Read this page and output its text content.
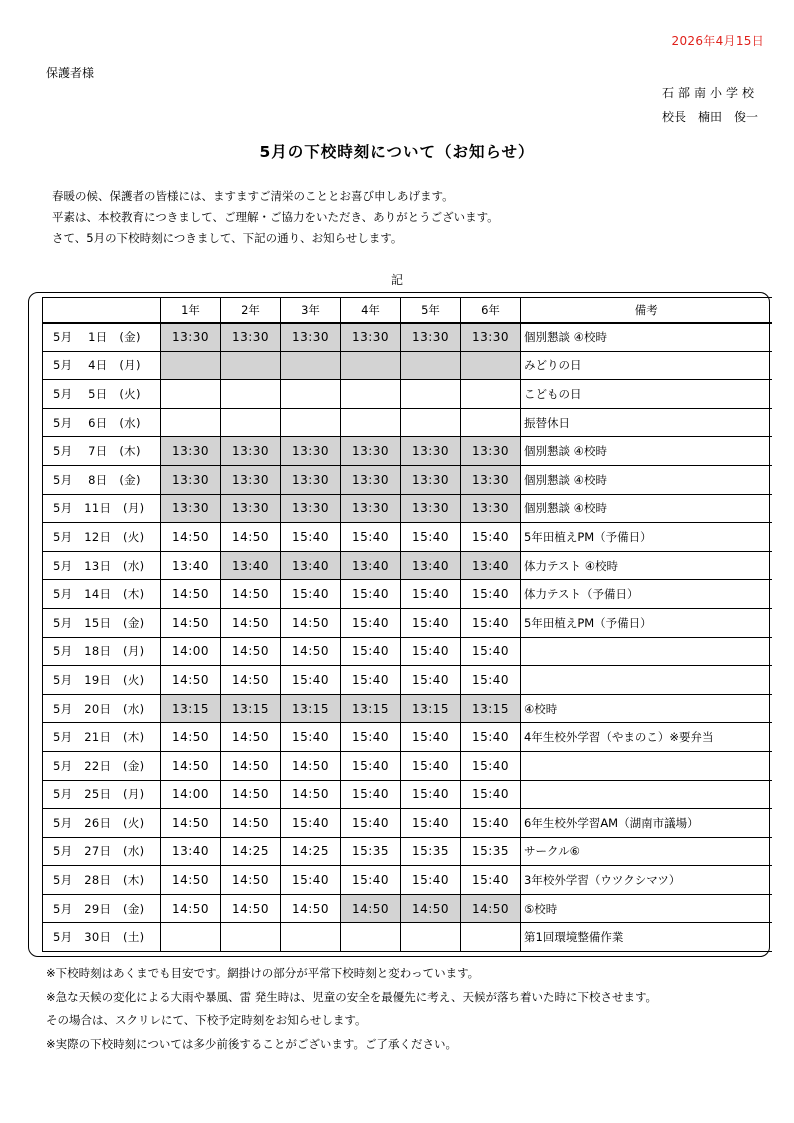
2026年4月15日
保護者様
石部南小学校
校長　楠田　俊一
5月の下校時刻について（お知らせ）
春暖の候、保護者の皆様には、ますますご清栄のこととお喜び申しあげます。
平素は、本校教育につきまして、ご理解・ご協力をいただき、ありがとうございます。
さて、5月の下校時刻につきまして、下記の通り、お知らせします。
記
	1年	2年	3年	4年	5年	6年	備考
5月　 1日　(金)	13:30	13:30	13:30	13:30	13:30	13:30	個別懇談 ④校時
5月　 4日　(月)							みどりの日
5月　 5日　(火)							こどもの日
5月　 6日　(水)							振替休日
5月　 7日　(木)	13:30	13:30	13:30	13:30	13:30	13:30	個別懇談 ④校時
5月　 8日　(金)	13:30	13:30	13:30	13:30	13:30	13:30	個別懇談 ④校時
5月　11日　(月)	13:30	13:30	13:30	13:30	13:30	13:30	個別懇談 ④校時
5月　12日　(火)	14:50	14:50	15:40	15:40	15:40	15:40	5年田植えPM（予備日）
5月　13日　(水)	13:40	13:40	13:40	13:40	13:40	13:40	体力テスト ④校時
5月　14日　(木)	14:50	14:50	15:40	15:40	15:40	15:40	体力テスト（予備日）
5月　15日　(金)	14:50	14:50	14:50	15:40	15:40	15:40	5年田植えPM（予備日）
5月　18日　(月)	14:00	14:50	14:50	15:40	15:40	15:40	
5月　19日　(火)	14:50	14:50	15:40	15:40	15:40	15:40	
5月　20日　(水)	13:15	13:15	13:15	13:15	13:15	13:15	④校時
5月　21日　(木)	14:50	14:50	15:40	15:40	15:40	15:40	4年生校外学習（やまのこ）※要弁当
5月　22日　(金)	14:50	14:50	14:50	15:40	15:40	15:40	
5月　25日　(月)	14:00	14:50	14:50	15:40	15:40	15:40	
5月　26日　(火)	14:50	14:50	15:40	15:40	15:40	15:40	6年生校外学習AM（湖南市議場）
5月　27日　(水)	13:40	14:25	14:25	15:35	15:35	15:35	サークル⑥
5月　28日　(木)	14:50	14:50	15:40	15:40	15:40	15:40	3年校外学習（ウツクシマツ）
5月　29日　(金)	14:50	14:50	14:50	14:50	14:50	14:50	⑤校時
5月　30日　(土)							第1回環境整備作業
※下校時刻はあくまでも目安です。網掛けの部分が平常下校時刻と変わっています。
※急な天候の変化による大雨や暴風、雷 発生時は、児童の安全を最優先に考え、天候が落ち着いた時に下校させます。
その場合は、スクリレにて、下校予定時刻をお知らせします。
※実際の下校時刻については多少前後することがございます。ご了承ください。
